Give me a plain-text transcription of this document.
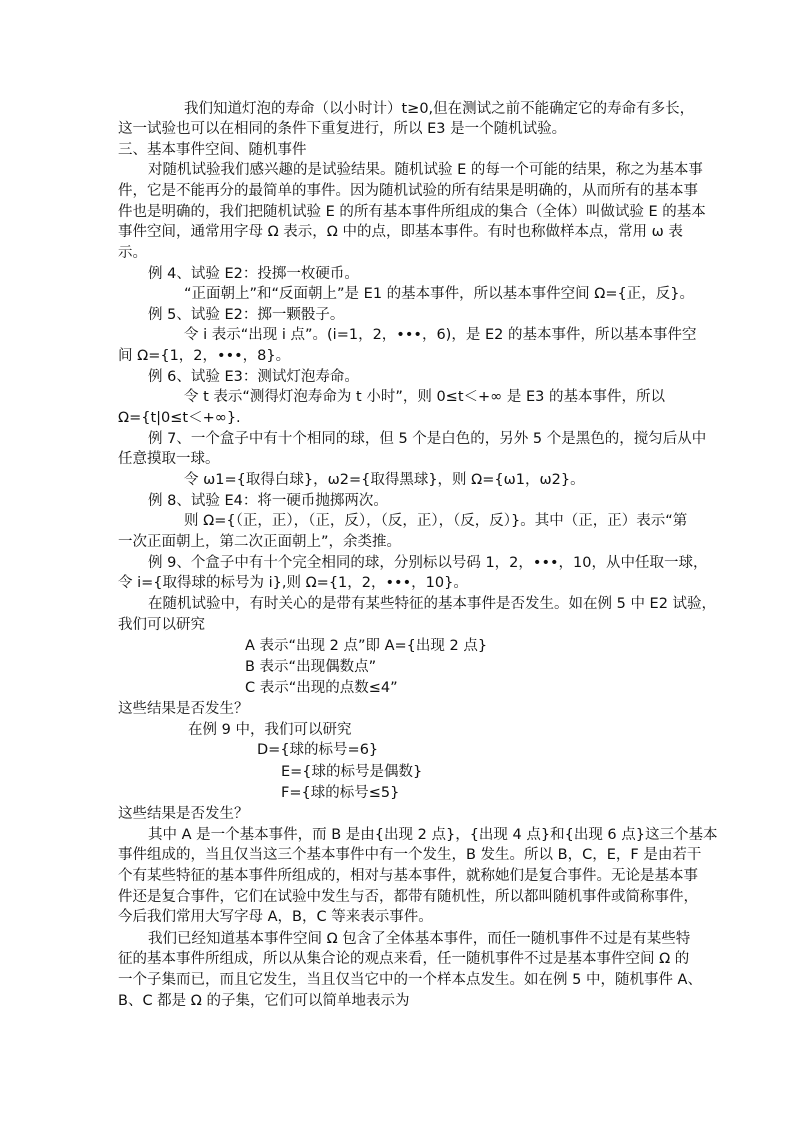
我们知道灯泡的寿命（以小时计）t≥0,但在测试之前不能确定它的寿命有多长，
这一试验也可以在相同的条件下重复进行，所以 E3 是一个随机试验。
三、基本事件空间、随机事件
对随机试验我们感兴趣的是试验结果。随机试验 E 的每一个可能的结果，称之为基本事
件，它是不能再分的最简单的事件。因为随机试验的所有结果是明确的，从而所有的基本事
件也是明确的，我们把随机试验 E 的所有基本事件所组成的集合（全体）叫做试验 E 的基本
事件空间，通常用字母 Ω 表示，Ω 中的点，即基本事件。有时也称做样本点，常用 ω 表
示。
例 4、试验 E2：投掷一枚硬币。
“正面朝上”和“反面朝上”是 E1 的基本事件，所以基本事件空间 Ω={正，反}。
例 5、试验 E2：掷一颗骰子。
令 i 表示“出现 i 点”。(i=1，2，•••，6)，是 E2 的基本事件，所以基本事件空
间 Ω={1，2，•••，8}。
例 6、试验 E3：测试灯泡寿命。
令 t 表示“测得灯泡寿命为 t 小时”，则 0≤t＜+∞ 是 E3 的基本事件，所以
Ω={t|0≤t＜+∞}.
例 7、一个盒子中有十个相同的球，但 5 个是白色的，另外 5 个是黑色的，搅匀后从中
任意摸取一球。
令 ω1={取得白球}，ω2={取得黑球}，则 Ω={ω1，ω2}。
例 8、试验 E4：将一硬币抛掷两次。
则 Ω={（正，正），（正，反），（反，正），（反，反）}。其中（正，正）表示“第
一次正面朝上，第二次正面朝上”，余类推。
例 9、个盒子中有十个完全相同的球，分别标以号码 1，2，•••，10，从中任取一球，
令 i={取得球的标号为 i},则 Ω={1，2，•••，10}。
在随机试验中，有时关心的是带有某些特征的基本事件是否发生。如在例 5 中 E2 试验，
我们可以研究
A 表示“出现 2 点”即 A={出现 2 点}
B 表示“出现偶数点”
C 表示“出现的点数≤4”
这些结果是否发生？
在例 9 中，我们可以研究
D={球的标号=6}
E={球的标号是偶数}
F={球的标号≤5}
这些结果是否发生？
其中 A 是一个基本事件，而 B 是由{出现 2 点}，{出现 4 点}和{出现 6 点}这三个基本
事件组成的，当且仅当这三个基本事件中有一个发生，B 发生。所以 B，C，E，F 是由若干
个有某些特征的基本事件所组成的，相对与基本事件，就称她们是复合事件。无论是基本事
件还是复合事件，它们在试验中发生与否，都带有随机性，所以都叫随机事件或简称事件，
今后我们常用大写字母 A，B，C 等来表示事件。
我们已经知道基本事件空间 Ω 包含了全体基本事件，而任一随机事件不过是有某些特
征的基本事件所组成，所以从集合论的观点来看，任一随机事件不过是基本事件空间 Ω 的
一个子集而已，而且它发生，当且仅当它中的一个样本点发生。如在例 5 中，随机事件 A、
B、C 都是 Ω 的子集，它们可以简单地表示为
